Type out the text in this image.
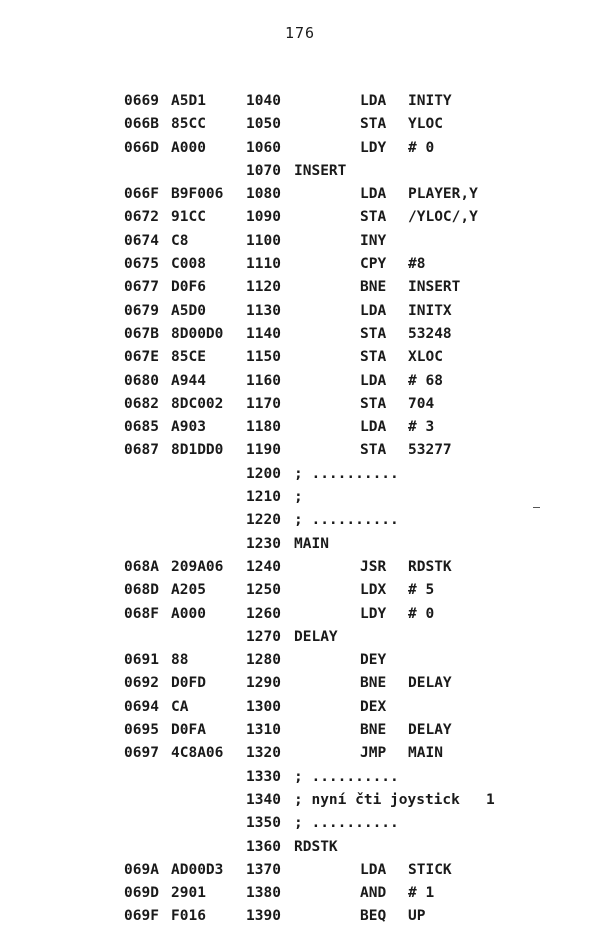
176
0669 A5D1	1040	LDA INITY
066B 85CC	1050	STA YLOC
066D A000	1060	LDY # 0
1070 INSERT
066F B9F006 1080	LDA PLAYER,Y
0672 91CC	1090	STA /YLOC/,Y
0674 C8	1100	INY
0675 C008	1110	CPY #8
0677 D0F6	1120	BNE INSERT
0679 A5D0	1130	LDA INITX
067B 8D00D0 1140	STA 53248
067E 85CE	1150	STA XLOC
0680 A944	1160	LDA # 68
0682 8DC002 1170	STA 704
0685 A903	1180	LDA # 3
0687 8D1DD0 1190	STA 53277
1200 ; ..........
1210 ;
1220 ; ..........
1230 MAIN
068A 209A06 1240	JSR RDSTK
068D A205	1250	LDX # 5
068F A000	1260	LDY # 0
1270 DELAY
0691 88	1280	DEY
0692 D0FD	1290	BNE DELAY
0694 CA	1300	DEX
0695 D0FA	1310	BNE DELAY
0697 4C8A06 1320	JMP MAIN
1330 ; ..........
1340 ; nyní čti joystick   1
1350 ; ..........
1360 RDSTK
069A AD00D3 1370	LDA STICK
069D 2901	1380	AND # 1
069F F016	1390	BEQ UP
